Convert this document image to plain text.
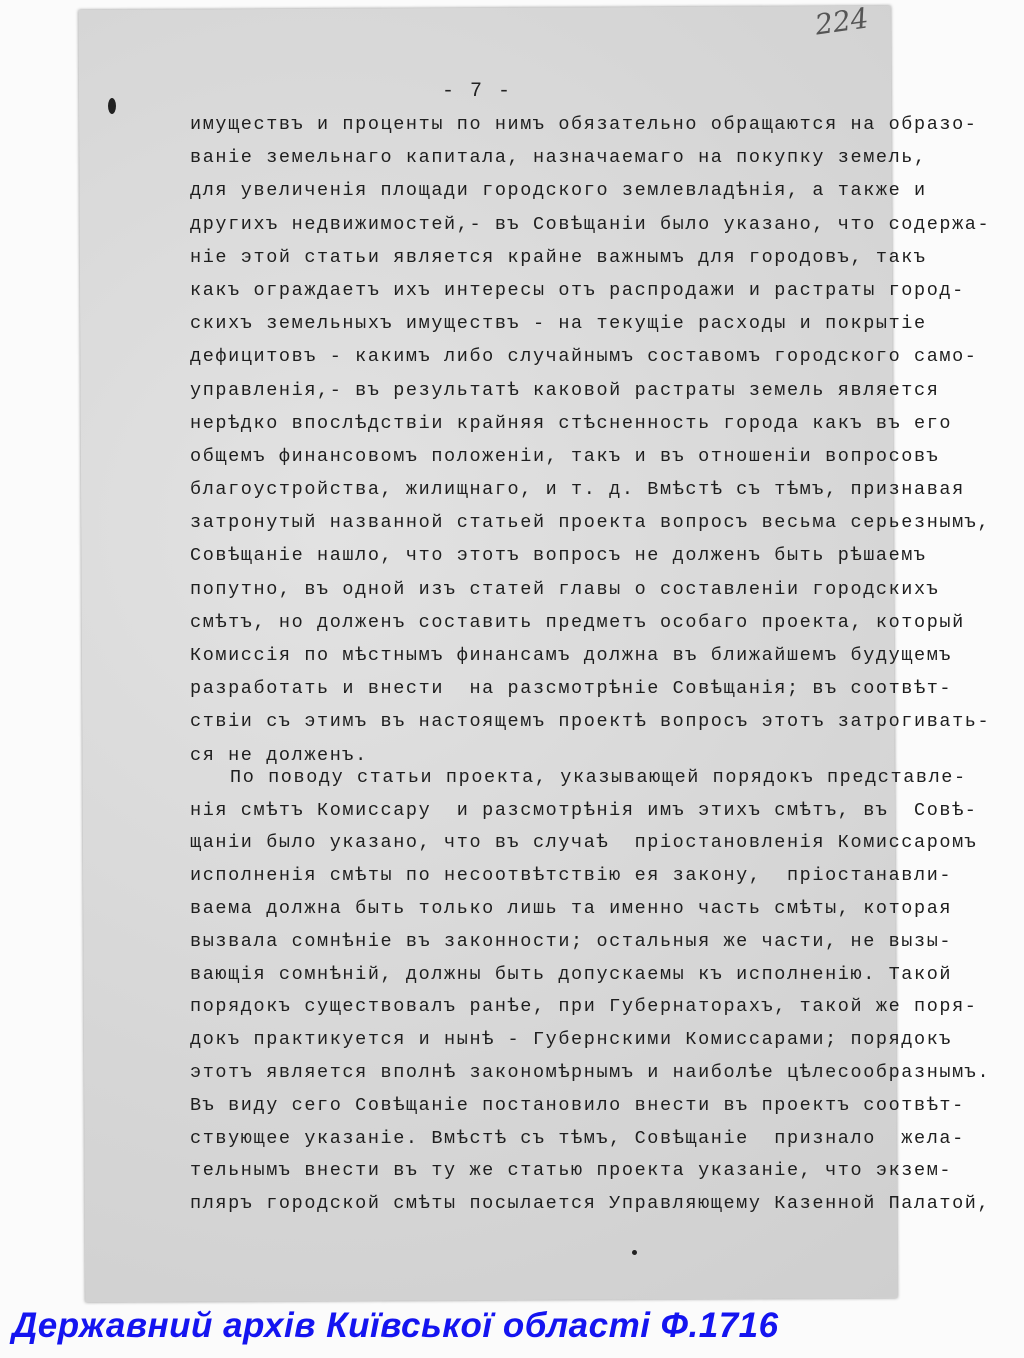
- 7 -
224
имуществъ и проценты по нимъ обязательно обращаются на образо-
ванiе земельнаго капитала, назначаемаго на покупку земель,
для увеличенiя площади городского землевладѣнiя, а также и
другихъ недвижимостей,- въ Совѣщанiи было указано, что содержа-
нiе этой статьи является крайне важнымъ для городовъ, такъ
какъ ограждаетъ ихъ интересы отъ распродажи и растраты город-
скихъ земельныхъ имуществъ - на текущiе расходы и покрытiе
дефицитовъ - какимъ либо случайнымъ составомъ городского само-
управленiя,- въ результатѣ каковой растраты земель является
нерѣдко впослѣдствiи крайняя стѣсненность города какъ въ его
общемъ финансовомъ положенiи, такъ и въ отношенiи вопросовъ
благоустройства, жилищнаго, и т. д. Вмѣстѣ съ тѣмъ, признавая
затронутый названной статьей проекта вопросъ весьма серьезнымъ,
Совѣщанiе нашло, что этотъ вопросъ не долженъ быть рѣшаемъ
попутно, въ одной изъ статей главы о составленiи городскихъ
смѣтъ, но долженъ составить предметъ особаго проекта, который
Комиссiя по мѣстнымъ финансамъ должна въ ближайшемъ будущемъ
разработать и внести  на разсмотрѣнiе Совѣщанiя; въ соотвѣт-
ствiи съ этимъ въ настоящемъ проектѣ вопросъ этотъ затрогивать-
ся не долженъ.
По поводу статьи проекта, указывающей порядокъ представле-
нiя смѣтъ Комиссару  и разсмотрѣнiя имъ этихъ смѣтъ, въ  Совѣ-
щанiи было указано, что въ случаѣ  прiостановленiя Комиссаромъ
исполненiя смѣты по несоотвѣтствiю ея закону,  прiостанавли-
ваема должна быть только лишь та именно часть смѣты, которая
вызвала сомнѣнiе въ законности; остальныя же части, не вызы-
вающiя сомнѣнiй, должны быть допускаемы къ исполненiю. Такой
порядокъ существовалъ ранѣе, при Губернаторахъ, такой же поря-
докъ практикуется и нынѣ - Губернскими Комиссарами; порядокъ
этотъ является вполнѣ закономѣрнымъ и наиболѣе цѣлесообразнымъ.
Въ виду сего Совѣщанiе постановило внести въ проектъ соотвѣт-
ствующее указанiе. Вмѣстѣ съ тѣмъ, Совѣщанiе  признало  жела-
тельнымъ внести въ ту же статью проекта указанiе, что экзем-
пляръ городской смѣты посылается Управляющему Казенной Палатой,
Державний архів Київської області Ф.1716
